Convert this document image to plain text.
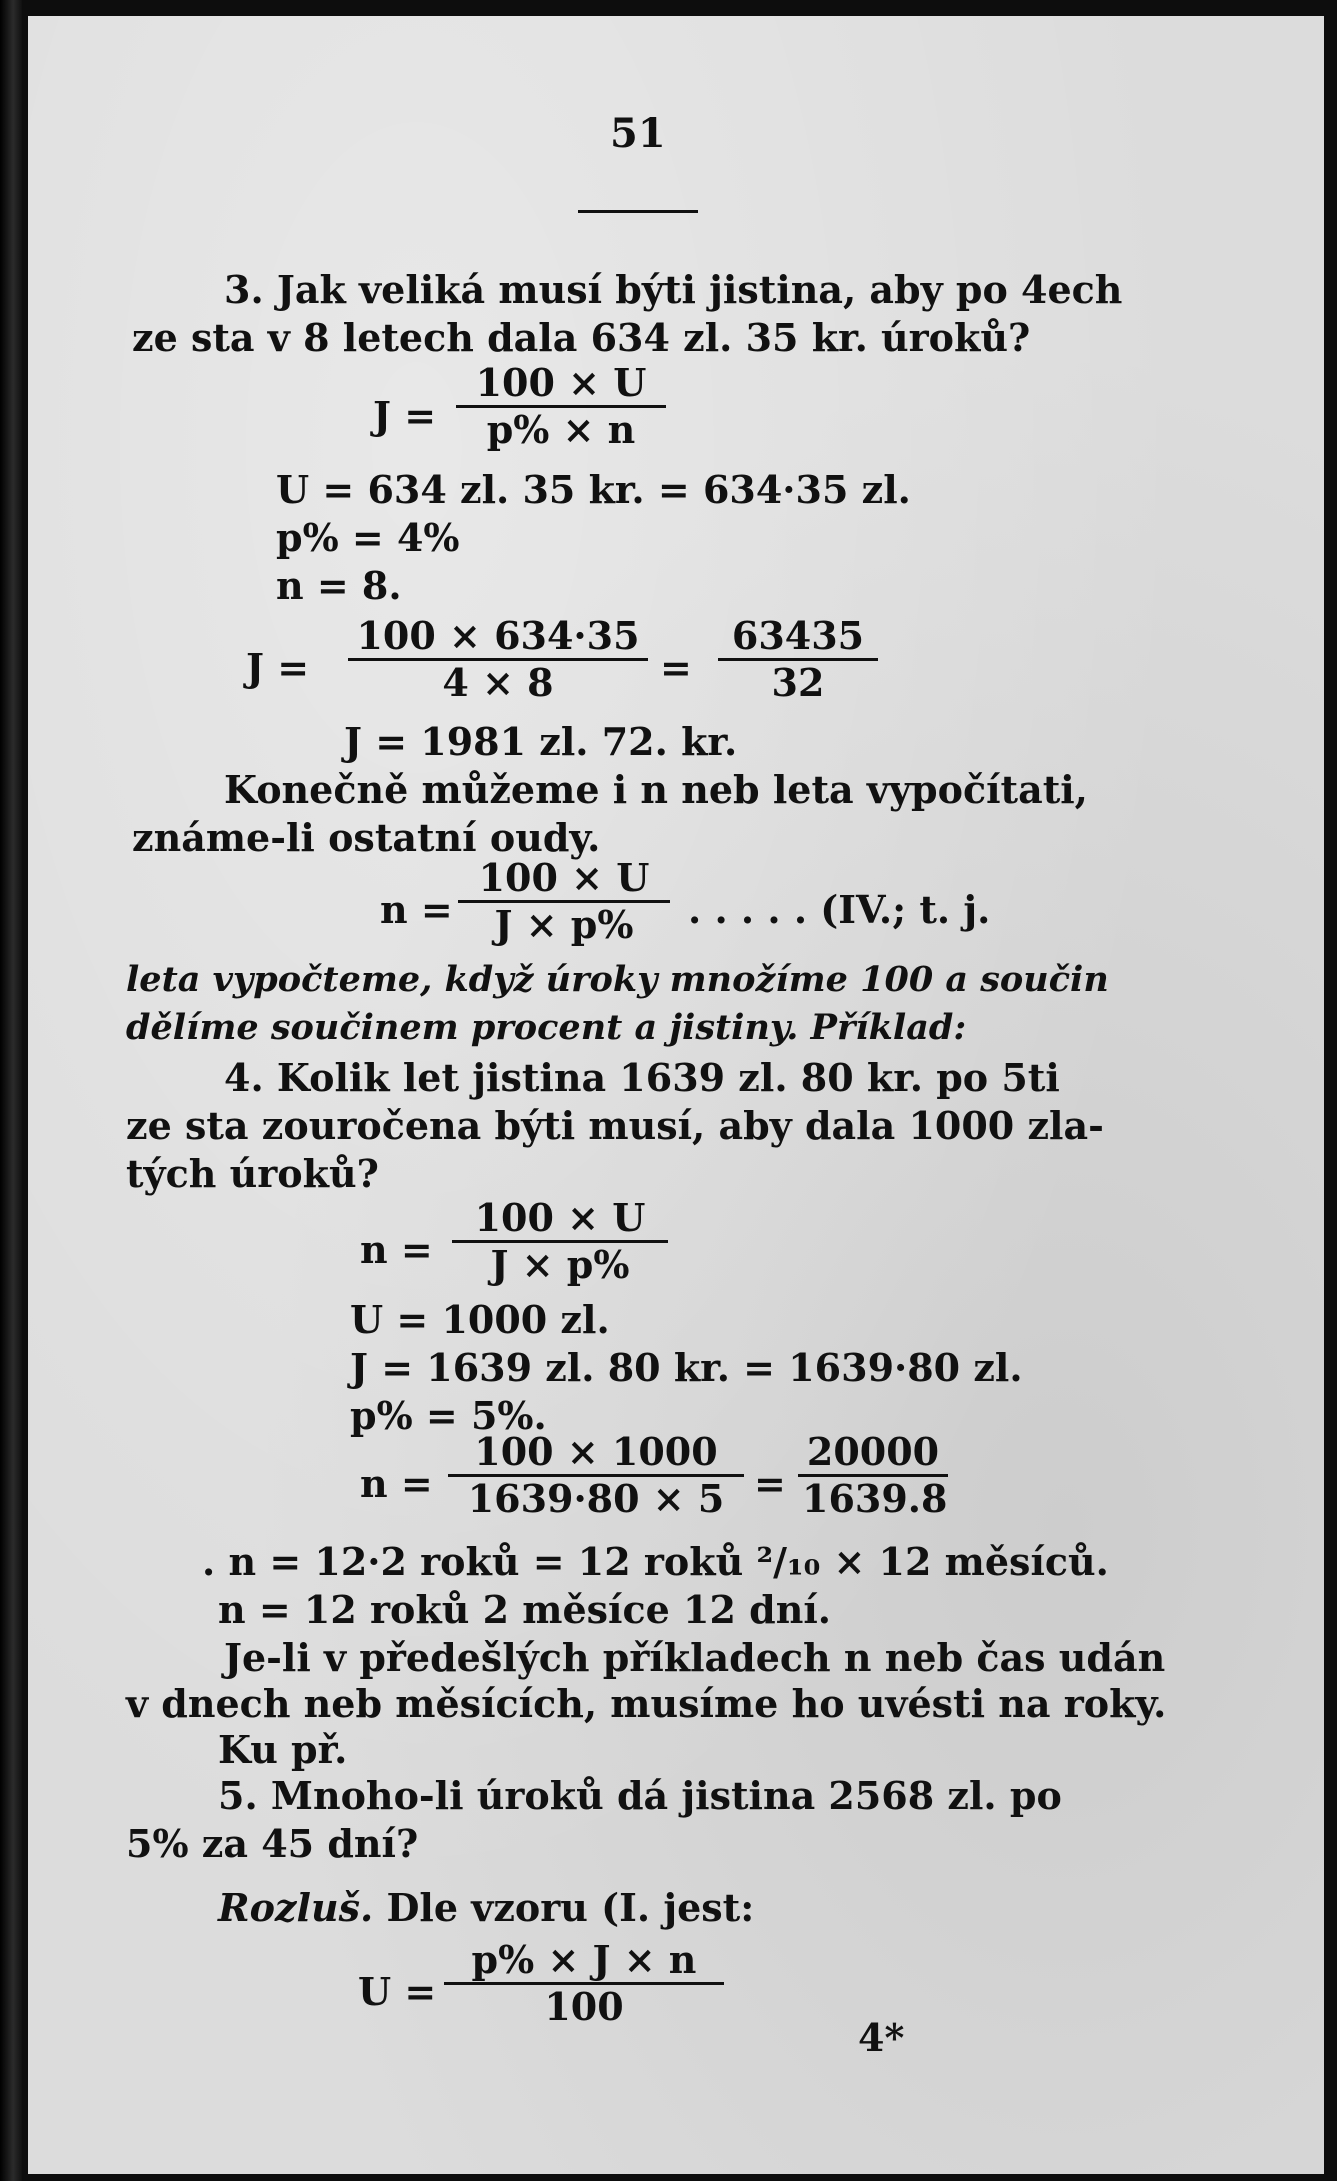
51
3. Jak veliká musí býti jistina, aby po 4ech
ze sta v 8 letech dala 634 zl. 35 kr. úroků?
J =
100 × U
p% × n
U = 634 zl. 35 kr. = 634·35 zl.
p% = 4%
n = 8.
J =
100 × 634·35
4 × 8	=
63435
32
J = 1981 zl. 72. kr.
Konečně můžeme i n neb leta vypočítati,
známe-li ostatní oudy.
n =
100 × U
J × p%	. . . . . (IV.; t. j.
leta vypočteme, když úroky množíme 100 a součin
dělíme součinem procent a jistiny. Příklad:
4. Kolik let jistina 1639 zl. 80 kr. po 5ti
ze sta zouročena býti musí, aby dala 1000 zla-
tých úroků?
n =
100 × U
J × p%
U = 1000 zl.
J = 1639 zl. 80 kr. = 1639·80 zl.
p% = 5%.
n =
100 × 1000
1639·80 × 5 =
20000
1639.8
. n = 12·2 roků = 12 roků ²/₁₀ × 12 měsíců.
n = 12 roků 2 měsíce 12 dní.
Je-li v předešlých příkladech n neb čas udán
v dnech neb měsících, musíme ho uvésti na roky.
Ku př.
5. Mnoho-li úroků dá jistina 2568 zl. po
5% za 45 dní?
Rozluš. Dle vzoru (I. jest:
U =
p% × J × n
100
4*
